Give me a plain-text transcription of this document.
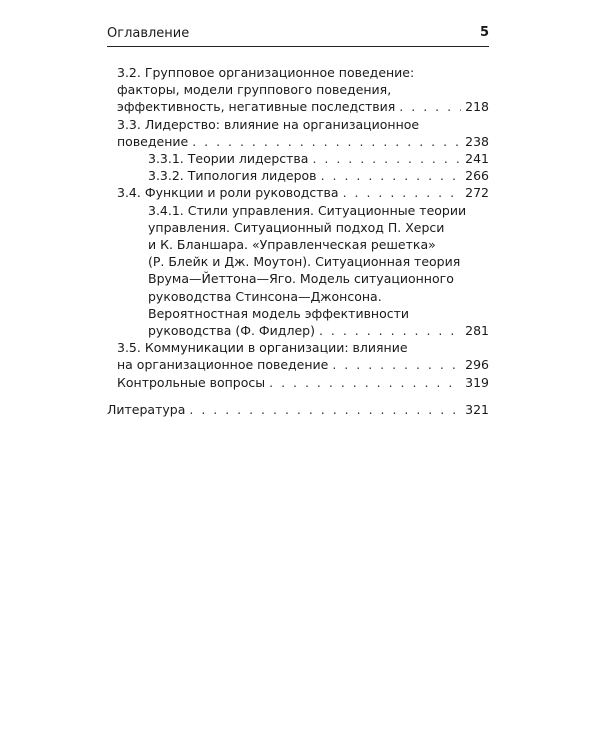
Оглавление	5
3.2. Групповое организационное поведение:
факторы, модели группового поведения,
эффективность, негативные последствия . . .	218
3.3. Лидерство: влияние на организационное
поведение . . .	238
3.3.1. Теории лидерства . . .	241
3.3.2. Типология лидеров . . .	266
3.4. Функции и роли руководства . . .	272
3.4.1. Стили управления. Ситуационные теории
управления. Ситуационный подход П. Херси
и К. Бланшара. «Управленческая решетка»
(Р. Блейк и Дж. Моутон). Ситуационная теория
Врума—Йеттона—Яго. Модель ситуационного
руководства Стинсона—Джонсона.
Вероятностная модель эффективности
руководства (Ф. Фидлер) . . .	281
3.5. Коммуникации в организации: влияние
на организационное поведение . . .	296
Контрольные вопросы . . .	319
Литература . . .	321
